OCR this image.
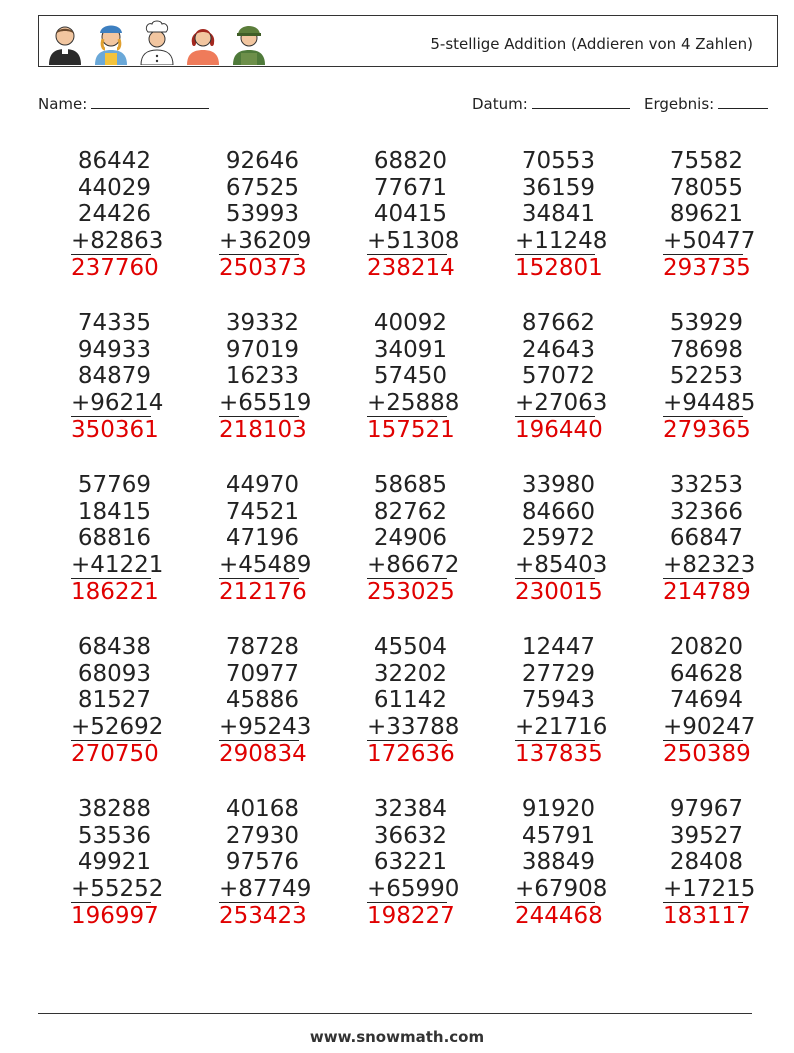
5-stellige Addition (Addieren von 4 Zahlen)
Name:	Datum:	Ergebnis:
86442
44029
24426
+82863
237760
92646
67525
53993
+36209
250373
68820
77671
40415
+51308
238214
70553
36159
34841
+11248
152801
75582
78055
89621
+50477
293735
74335
94933
84879
+96214
350361
39332
97019
16233
+65519
218103
40092
34091
57450
+25888
157521
87662
24643
57072
+27063
196440
53929
78698
52253
+94485
279365
57769
18415
68816
+41221
186221
44970
74521
47196
+45489
212176
58685
82762
24906
+86672
253025
33980
84660
25972
+85403
230015
33253
32366
66847
+82323
214789
68438
68093
81527
+52692
270750
78728
70977
45886
+95243
290834
45504
32202
61142
+33788
172636
12447
27729
75943
+21716
137835
20820
64628
74694
+90247
250389
38288
53536
49921
+55252
196997
40168
27930
97576
+87749
253423
32384
36632
63221
+65990
198227
91920
45791
38849
+67908
244468
97967
39527
28408
+17215
183117
www.snowmath.com
